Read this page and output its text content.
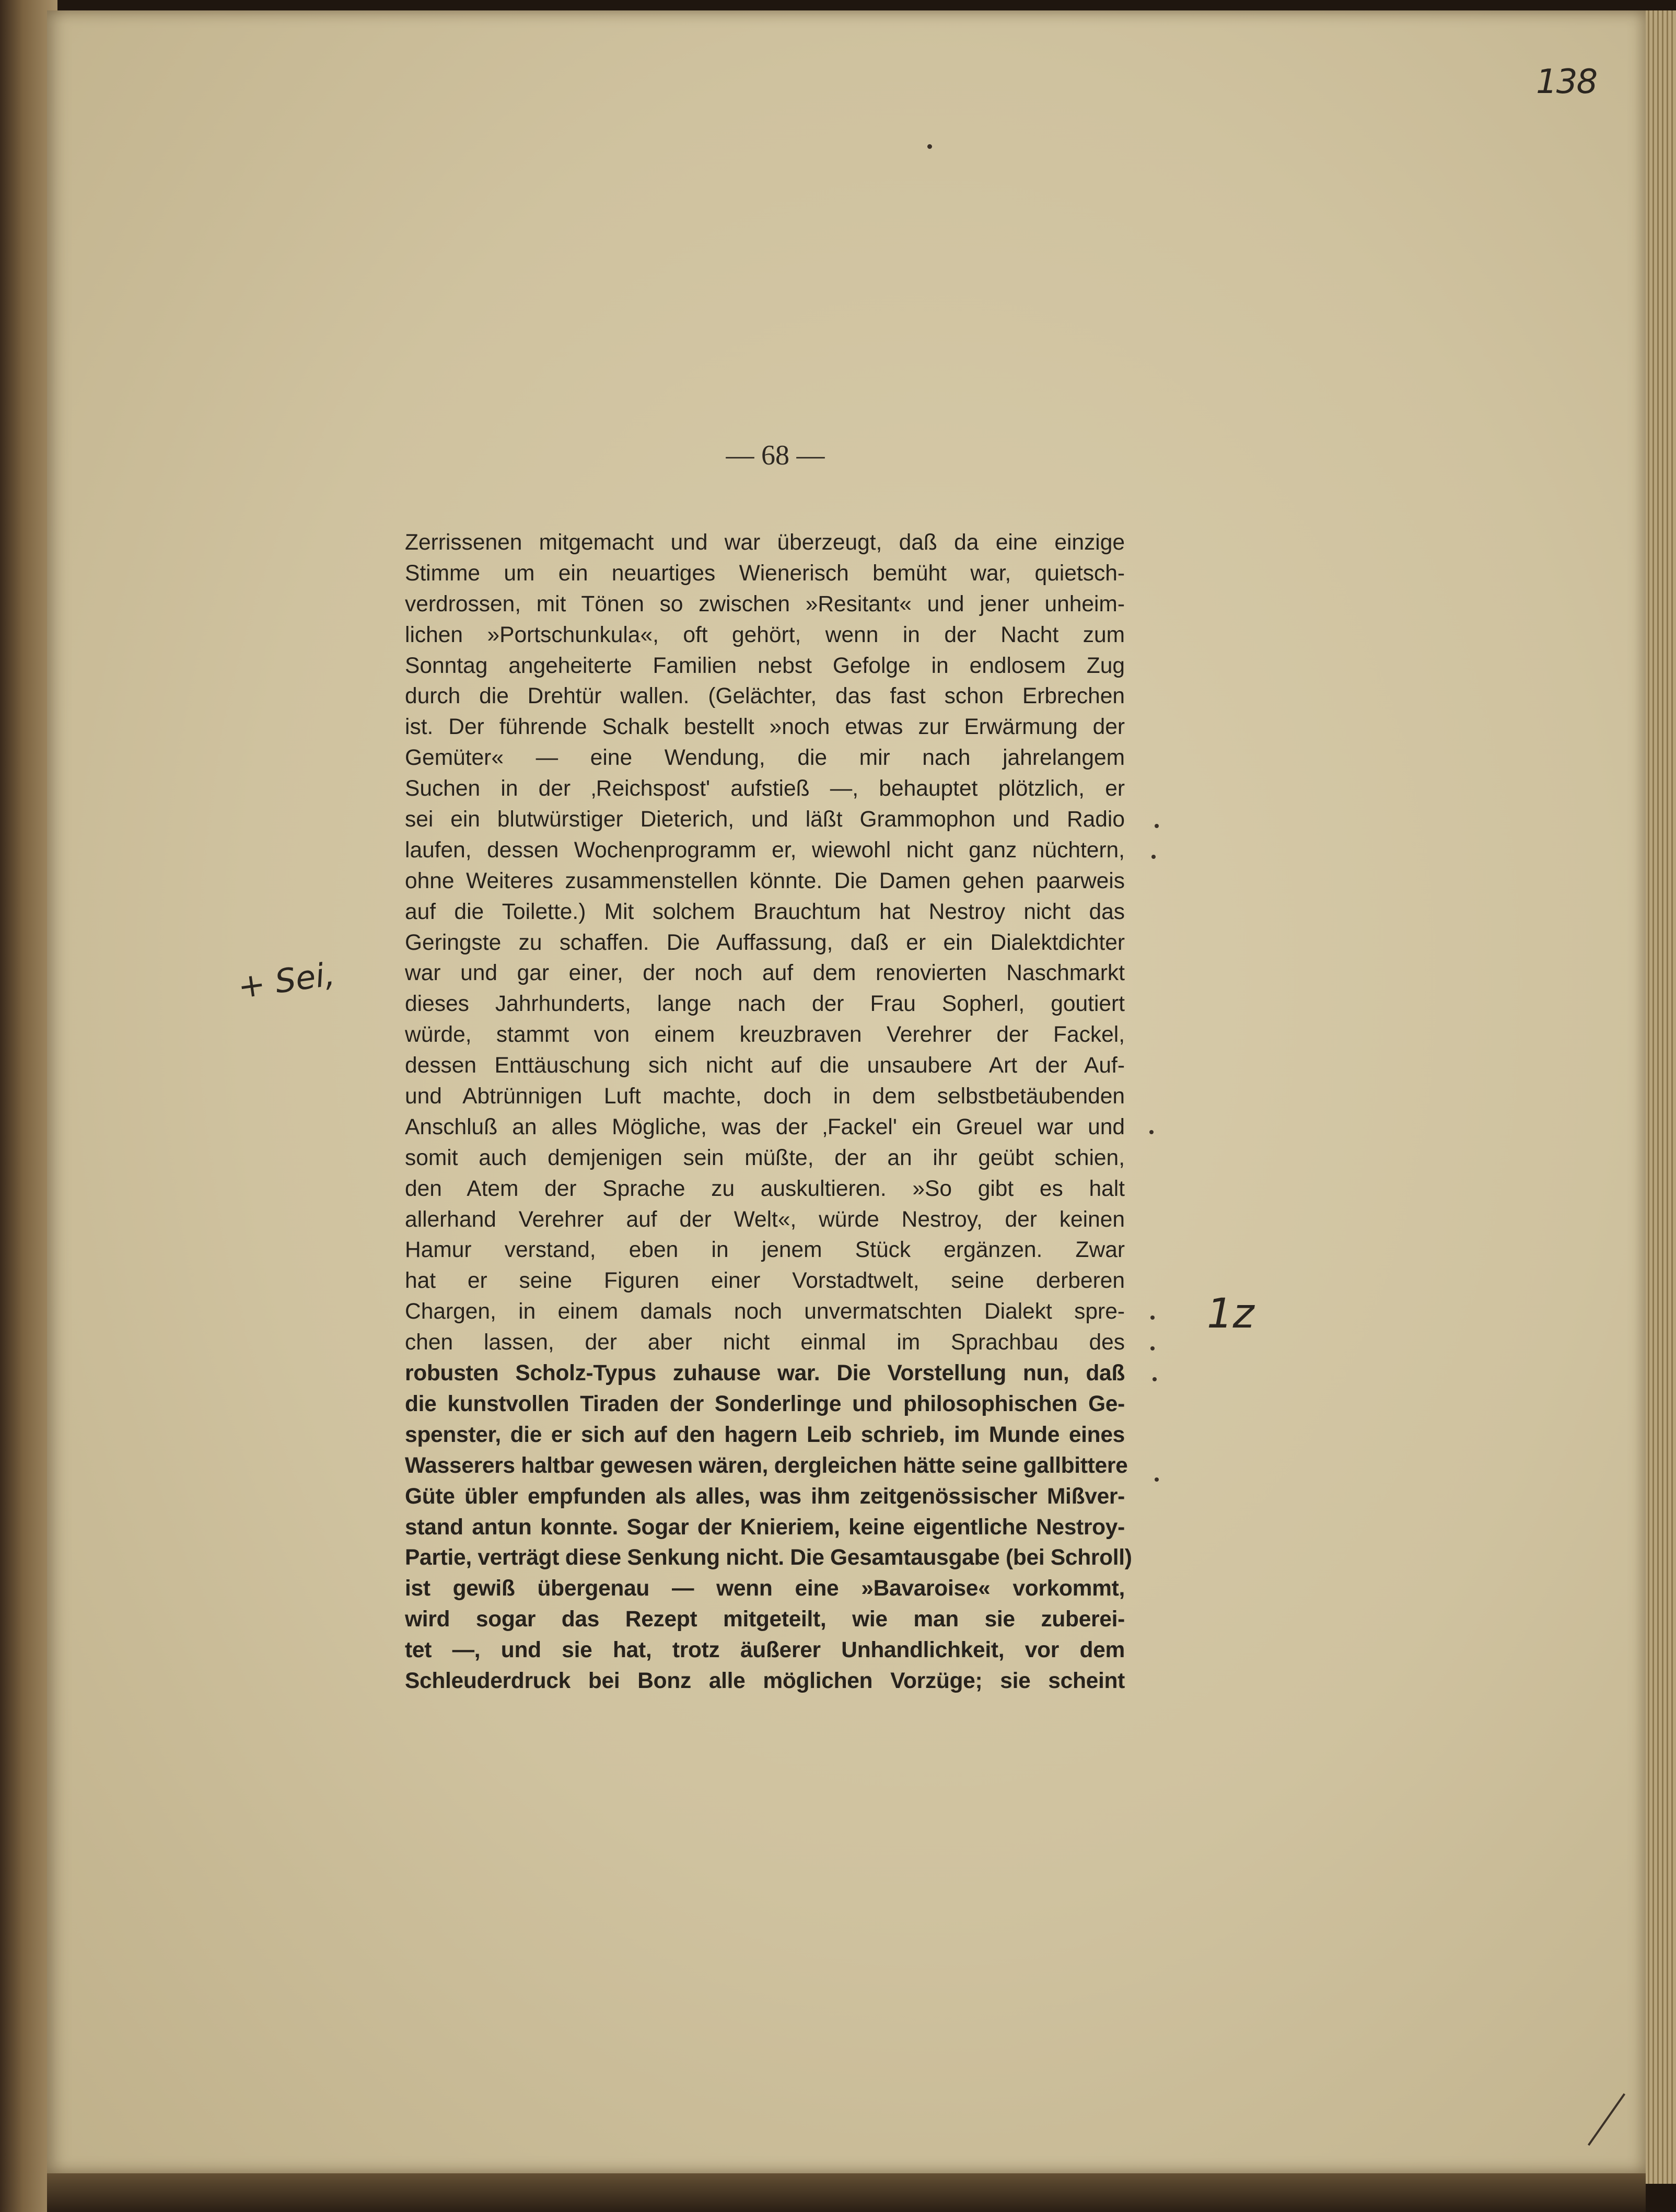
138
— 68 —
Zerrissenen mitgemacht und war überzeugt, daß da eine einzige
Stimme um ein neuartiges Wienerisch bemüht war, quietsch-
verdrossen, mit Tönen so zwischen »Resitant« und jener unheim-
lichen »Portschunkula«, oft gehört, wenn in der Nacht zum
Sonntag angeheiterte Familien nebst Gefolge in endlosem Zug
durch die Drehtür wallen. (Gelächter, das fast schon Erbrechen
ist. Der führende Schalk bestellt »noch etwas zur Erwärmung der
Gemüter« — eine Wendung, die mir nach jahrelangem
Suchen in der ‚Reichspost' aufstieß —, behauptet plötzlich, er
sei ein blutwürstiger Dieterich, und läßt Grammophon und Radio
laufen, dessen Wochenprogramm er, wiewohl nicht ganz nüchtern,
ohne Weiteres zusammenstellen könnte. Die Damen gehen paarweis
auf die Toilette.) Mit solchem Brauchtum hat Nestroy nicht das
Geringste zu schaffen. Die Auffassung, daß er ein Dialektdichter
war und gar einer, der noch auf dem renovierten Naschmarkt
dieses Jahrhunderts, lange nach der Frau Sopherl, goutiert
würde, stammt von einem kreuzbraven Verehrer der Fackel,
dessen Enttäuschung sich nicht auf die unsaubere Art der Auf-
und Abtrünnigen Luft machte, doch in dem selbstbetäubenden
Anschluß an alles Mögliche, was der ‚Fackel' ein Greuel war und
somit auch demjenigen sein müßte, der an ihr geübt schien,
den Atem der Sprache zu auskultieren. »So gibt es halt
allerhand Verehrer auf der Welt«, würde Nestroy, der keinen
Hamur verstand, eben in jenem Stück ergänzen. Zwar
hat er seine Figuren einer Vorstadtwelt, seine derberen
Chargen, in einem damals noch unvermatschten Dialekt spre-
chen lassen, der aber nicht einmal im Sprachbau des
robusten Scholz-Typus zuhause war. Die Vorstellung nun, daß
die kunstvollen Tiraden der Sonderlinge und philosophischen Ge-
spenster, die er sich auf den hagern Leib schrieb, im Munde eines
Wasserers haltbar gewesen wären, dergleichen hätte seine gallbittere
Güte übler empfunden als alles, was ihm zeitgenössischer Mißver-
stand antun konnte. Sogar der Knieriem, keine eigentliche Nestroy-
Partie, verträgt diese Senkung nicht. Die Gesamtausgabe (bei Schroll)
ist gewiß übergenau — wenn eine »Bavaroise« vorkommt,
wird sogar das Rezept mitgeteilt, wie man sie zuberei-
tet —, und sie hat, trotz äußerer Unhandlichkeit, vor dem
Schleuderdruck bei Bonz alle möglichen Vorzüge; sie scheint
+ Sei,
1z
